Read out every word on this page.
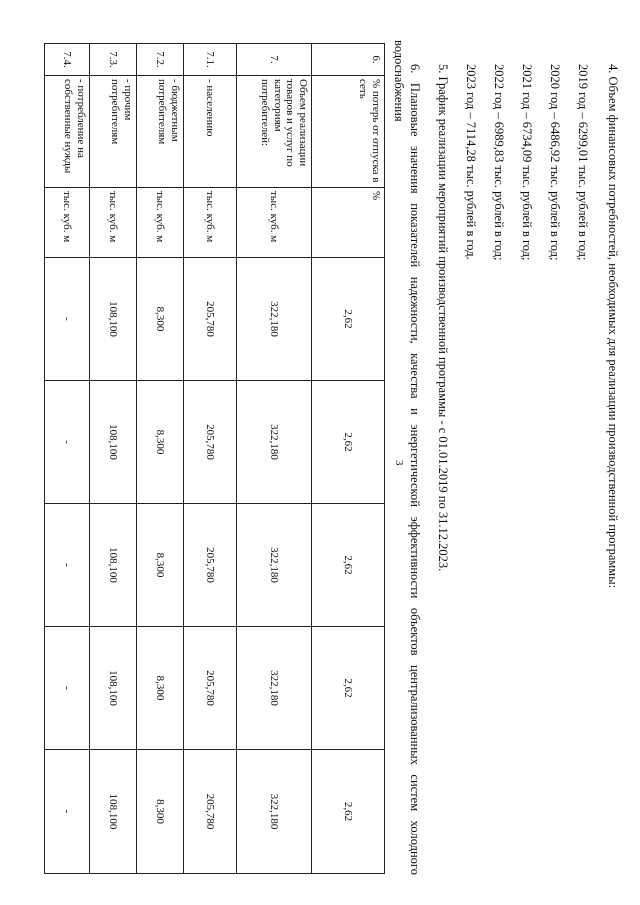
3
6.	% потерь от отпуска в сеть	%	2,62	2,62	2,62	2,62	2,62
7.	Объем реализации товаров и услуг по категориям потребителей:	тыс. куб. м	322,180	322,180	322,180	322,180	322,180
7.1.	- населению	тыс. куб. м	205,780	205,780	205,780	205,780	205,780
7.2.	- бюджетным потребителям	тыс. куб. м	8,300	8,300	8,300	8,300	8,300
7.3.	- прочим потребителям	тыс. куб. м	108,100	108,100	108,100	108,100	108,100
7.4.	- потребление на собственные нужды	тыс. куб. м	-	-	-	-	-
4. Объем финансовых потребностей, необходимых для реализации производственной программы:
2019 год – 6299,01 тыс. рублей в год;
2020 год – 6486,92 тыс. рублей в год;
2021 год – 6734,09 тыс. рублей в год;
2022 год – 6989,83 тыс. рублей в год;
2023 год – 7114,28 тыс. рублей в год.
5. График реализации мероприятий производственной программы - с 01.01.2019 по 31.12.2023.
6. Плановые значения показателей надежности, качества и энергетической эффективности объектов централизованных систем холодного водоснабжения
